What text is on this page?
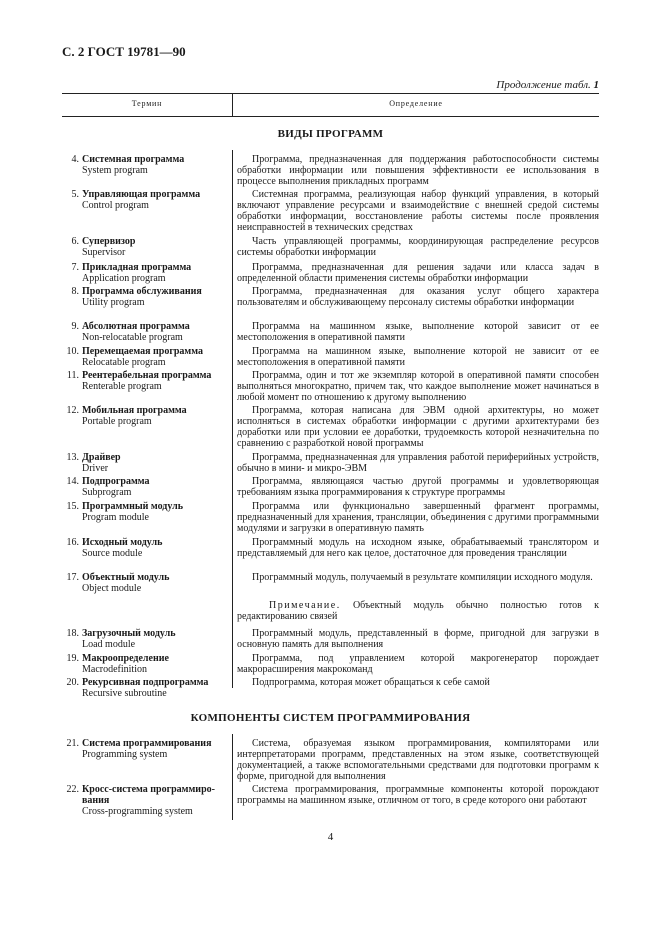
С. 2 ГОСТ 19781—90
Продолжение табл. 1
Термин	Определение
ВИДЫ ПРОГРАММ
4. Системная программа
System program
Программа, предназначенная для поддержания работоспособности системы обработки информации или повышения эффективности ее использования в процессе выполнения прикладных программ
5. Управляющая программа
Control program
Системная программа, реализующая набор функций управления, в который включают управление ресурсами и взаимодействие с внешней средой системы обработки информации, восстановление работы системы после проявления неисправностей в технических средствах
6. Супервизор
Supervisor
Часть управляющей программы, координирующая распределение ресурсов системы обработки информации
7. Прикладная программа
Application program
Программа, предназначенная для решения задачи или класса задач в определенной области применения системы обработки информации
8. Программа обслуживания
Utility program
Программа, предназначенная для оказания услуг общего характера пользователям и обслуживающему персоналу системы обработки информации
9. Абсолютная программа
Non-relocatable program
Программа на машинном языке, выполнение которой зависит от ее местоположения в оперативной памяти
10. Перемещаемая программа
Relocatable program
Программа на машинном языке, выполнение которой не зависит от ее местоположения в оперативной памяти
11. Реентерабельная программа
Renterable program
Программа, один и тот же экземпляр которой в оперативной памяти способен выполняться многократно, причем так, что каждое выполнение может начинаться в любой момент по отношению к другому выполнению
12. Мобильная программа
Portable program
Программа, которая написана для ЭВМ одной архитектуры, но может исполняться в системах обработки информации с другими архитектурами без доработки или при условии ее доработки, трудоемкость которой незначительна по сравнению с разработкой новой программы
13. Драйвер
Driver
Программа, предназначенная для управления работой периферийных устройств, обычно в мини- и микро-ЭВМ
14. Подпрограмма
Subprogram
Программа, являющаяся частью другой программы и удовлетворяющая требованиям языка программирования к структуре программы
15. Программный модуль
Program module
Программа или функционально завершенный фрагмент программы, предназначенный для хранения, трансляции, объединения с другими программными модулями и загрузки в оперативную память
16. Исходный модуль
Source module
Программный модуль на исходном языке, обрабатываемый транслятором и представляемый для него как целое, достаточное для проведения трансляции
17. Объектный модуль
Object module
Программный модуль, получаемый в результате компиляции исходного модуля.
Примечание. Объектный модуль обычно полностью готов к редактированию связей
18. Загрузочный модуль
Load module
Программный модуль, представленный в форме, пригодной для загрузки в основную память для выполнения
19. Макроопределение
Macrodefinition
Программа, под управлением которой макрогенератор порождает макрорасширения макрокоманд
20. Рекурсивная подпрограмма
Recursive subroutine
Подпрограмма, которая может обращаться к себе самой
КОМПОНЕНТЫ СИСТЕМ ПРОГРАММИРОВАНИЯ
21. Система программирования
Programming system
Система, образуемая языком программирования, компиляторами или интерпретаторами программ, представленных на этом языке, соответствующей документацией, а также вспомогательными средствами для подготовки программ к форме, пригодной для выполнения
22. Кросс-система программиро-
вания
Cross-programming system
Система программирования, программные компоненты которой порождают программы на машинном языке, отличном от того, в среде которого они работают
4
